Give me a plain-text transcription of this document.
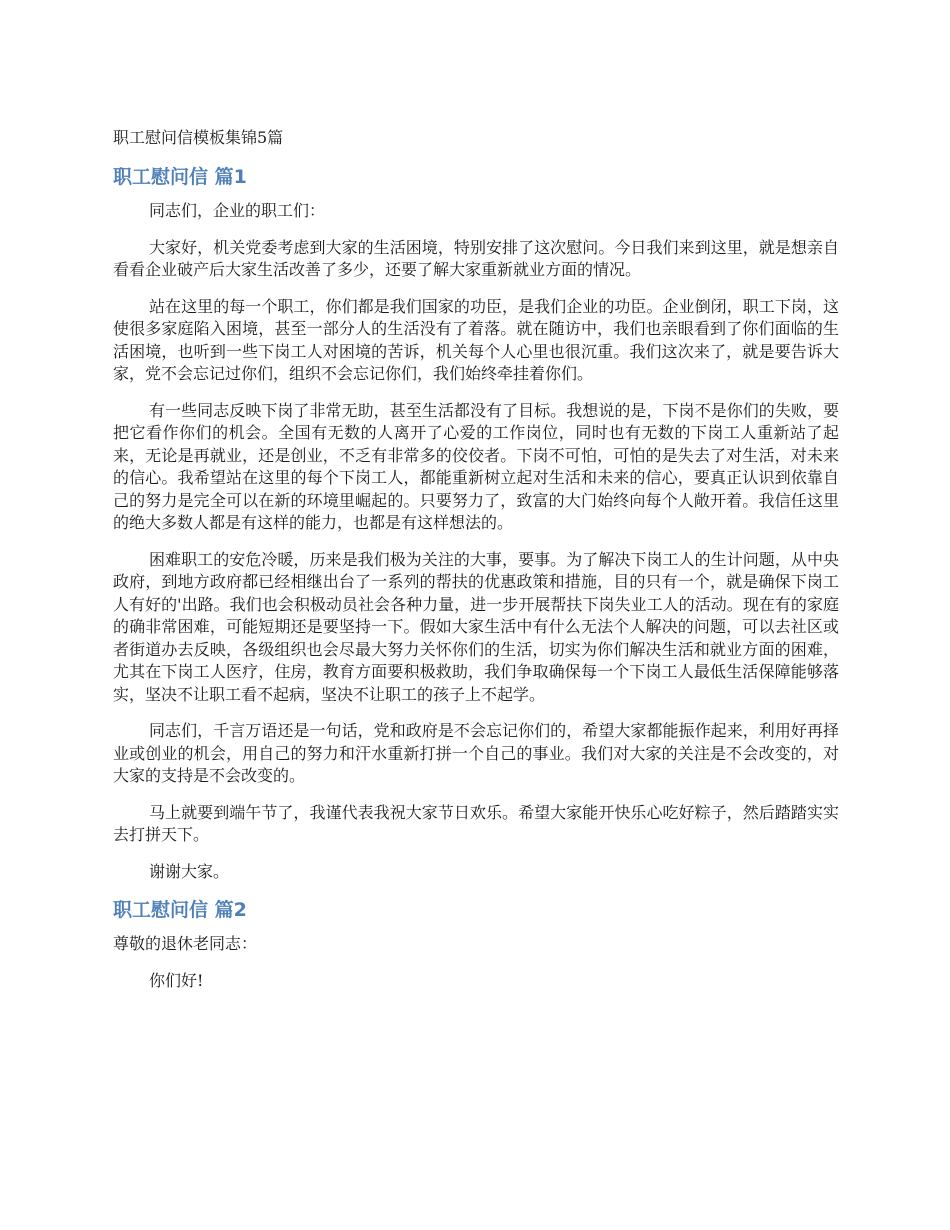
职工慰问信模板集锦5篇
职工慰问信 篇1

同志们，企业的职工们：

大家好，机关党委考虑到大家的生活困境，特别安排了这次慰问。今日我们来到这里，就是想亲自看看企业破产后大家生活改善了多少，还要了解大家重新就业方面的情况。

站在这里的每一个职工，你们都是我们国家的功臣，是我们企业的功臣。企业倒闭，职工下岗，这使很多家庭陷入困境，甚至一部分人的生活没有了着落。就在随访中，我们也亲眼看到了你们面临的生活困境，也听到一些下岗工人对困境的苦诉，机关每个人心里也很沉重。我们这次来了，就是要告诉大家，党不会忘记过你们，组织不会忘记你们，我们始终牵挂着你们。

有一些同志反映下岗了非常无助，甚至生活都没有了目标。我想说的是，下岗不是你们的失败，要把它看作你们的机会。全国有无数的人离开了心爱的工作岗位，同时也有无数的下岗工人重新站了起来，无论是再就业，还是创业，不乏有非常多的佼佼者。下岗不可怕，可怕的是失去了对生活，对未来的信心。我希望站在这里的每个下岗工人，都能重新树立起对生活和未来的信心，要真正认识到依靠自己的努力是完全可以在新的环境里崛起的。只要努力了，致富的大门始终向每个人敞开着。我信任这里的绝大多数人都是有这样的能力，也都是有这样想法的。

困难职工的安危冷暖，历来是我们极为关注的大事，要事。为了解决下岗工人的生计问题，从中央政府，到地方政府都已经相继出台了一系列的帮扶的优惠政策和措施，目的只有一个，就是确保下岗工人有好的'出路。我们也会积极动员社会各种力量，进一步开展帮扶下岗失业工人的活动。现在有的家庭的确非常困难，可能短期还是要坚持一下。假如大家生活中有什么无法个人解决的问题，可以去社区或者街道办去反映，各级组织也会尽最大努力关怀你们的生活，切实为你们解决生活和就业方面的困难，尤其在下岗工人医疗，住房，教育方面要积极救助，我们争取确保每一个下岗工人最低生活保障能够落实，坚决不让职工看不起病，坚决不让职工的孩子上不起学。

同志们，千言万语还是一句话，党和政府是不会忘记你们的，希望大家都能振作起来，利用好再择业或创业的机会，用自己的努力和汗水重新打拼一个自己的事业。我们对大家的关注是不会改变的，对大家的支持是不会改变的。

马上就要到端午节了，我谨代表我祝大家节日欢乐。希望大家能开快乐心吃好粽子，然后踏踏实实去打拼天下。

谢谢大家。

职工慰问信 篇2

尊敬的退休老同志：

你们好!
